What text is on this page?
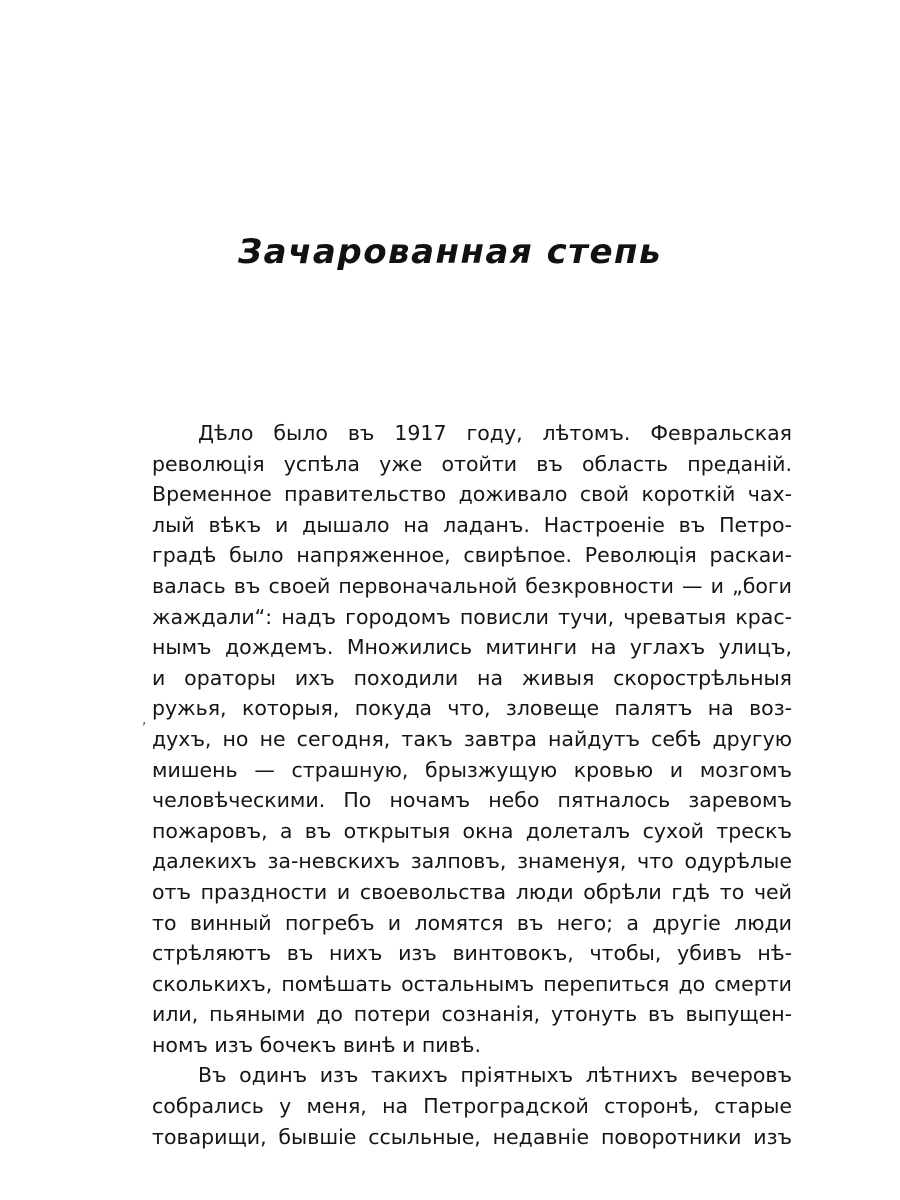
Зачарованная степь
,
Дѣло было въ 1917 году, лѣтомъ. Февральская
революція успѣла уже отойти въ область преданій.
Временное правительство доживало свой короткій чах-
лый вѣкъ и дышало на ладанъ. Настроеніе въ Петро-
градѣ было напряженное, свирѣпое. Революція раскаи-
валась въ своей первоначальной безкровности — и „боги
жаждали“: надъ городомъ повисли тучи, чреватыя крас-
нымъ дождемъ. Множились митинги на углахъ улицъ,
и ораторы ихъ походили на живыя скорострѣльныя
ружья, которыя, покуда что, зловеще палятъ на воз-
духъ, но не сегодня, такъ завтра найдутъ себѣ другую
мишень — страшную, брызжущую кровью и мозгомъ
человѣческими. По ночамъ небо пятналось заревомъ
пожаровъ, а въ открытыя окна долеталъ сухой трескъ
далекихъ за-невскихъ залповъ, знаменуя, что одурѣлые
отъ праздности и своевольства люди обрѣли гдѣ то чей
то винный погребъ и ломятся въ него; а другіе люди
стрѣляютъ въ нихъ изъ винтовокъ, чтобы, убивъ нѣ-
сколькихъ, помѣшать остальнымъ перепиться до смерти
или, пьяными до потери сознанія, утонуть въ выпущен-
номъ изъ бочекъ винѣ и пивѣ.
Въ одинъ изъ такихъ пріятныхъ лѣтнихъ вечеровъ
собрались у меня, на Петроградской сторонѣ, старые
товарищи, бывшіе ссыльные, недавніе поворотники изъ
